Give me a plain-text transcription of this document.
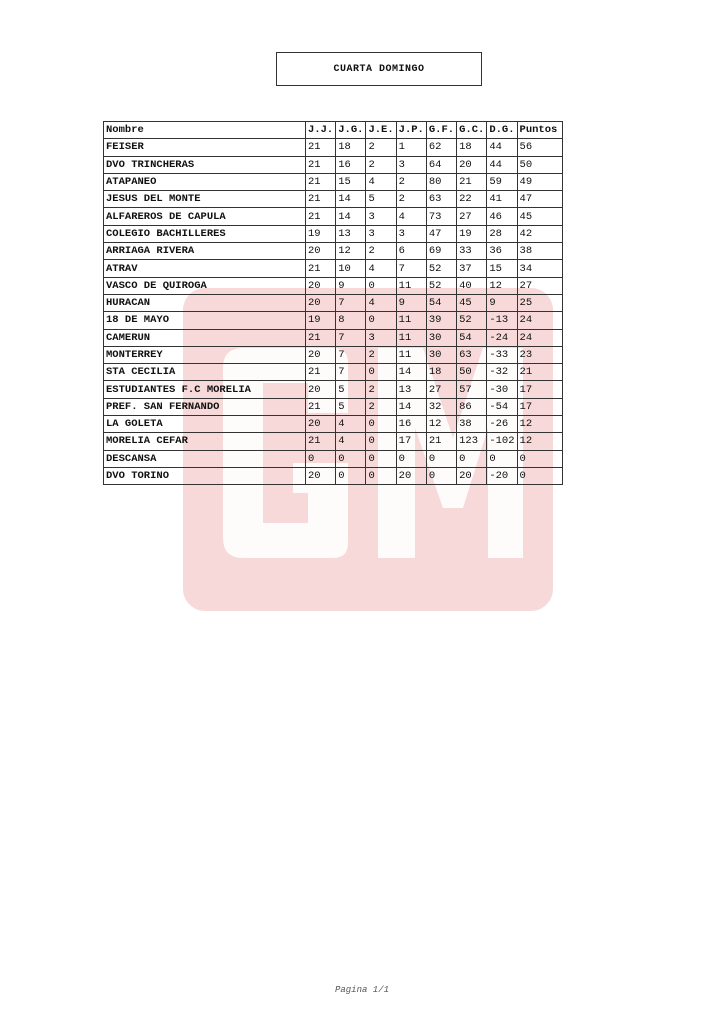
CUARTA DOMINGO
Nombre	J.J.	J.G.	J.E.	J.P.	G.F.	G.C.	D.G.	Puntos
FEISER	21	18	2	1	62	18	44	56
DVO TRINCHERAS	21	16	2	3	64	20	44	50
ATAPANEO	21	15	4	2	80	21	59	49
JESUS DEL MONTE	21	14	5	2	63	22	41	47
ALFAREROS DE CAPULA	21	14	3	4	73	27	46	45
COLEGIO BACHILLERES	19	13	3	3	47	19	28	42
ARRIAGA RIVERA	20	12	2	6	69	33	36	38
ATRAV	21	10	4	7	52	37	15	34
VASCO DE QUIROGA	20	9	0	11	52	40	12	27
HURACAN	20	7	4	9	54	45	9	25
18 DE MAYO	19	8	0	11	39	52	-13	24
CAMERUN	21	7	3	11	30	54	-24	24
MONTERREY	20	7	2	11	30	63	-33	23
STA CECILIA	21	7	0	14	18	50	-32	21
ESTUDIANTES F.C MORELIA	20	5	2	13	27	57	-30	17
PREF. SAN FERNANDO	21	5	2	14	32	86	-54	17
LA GOLETA	20	4	0	16	12	38	-26	12
MORELIA CEFAR	21	4	0	17	21	123	-102	12
DESCANSA	0	0	0	0	0	0	0	0
DVO TORINO	20	0	0	20	0	20	-20	0
Pagina 1/1
